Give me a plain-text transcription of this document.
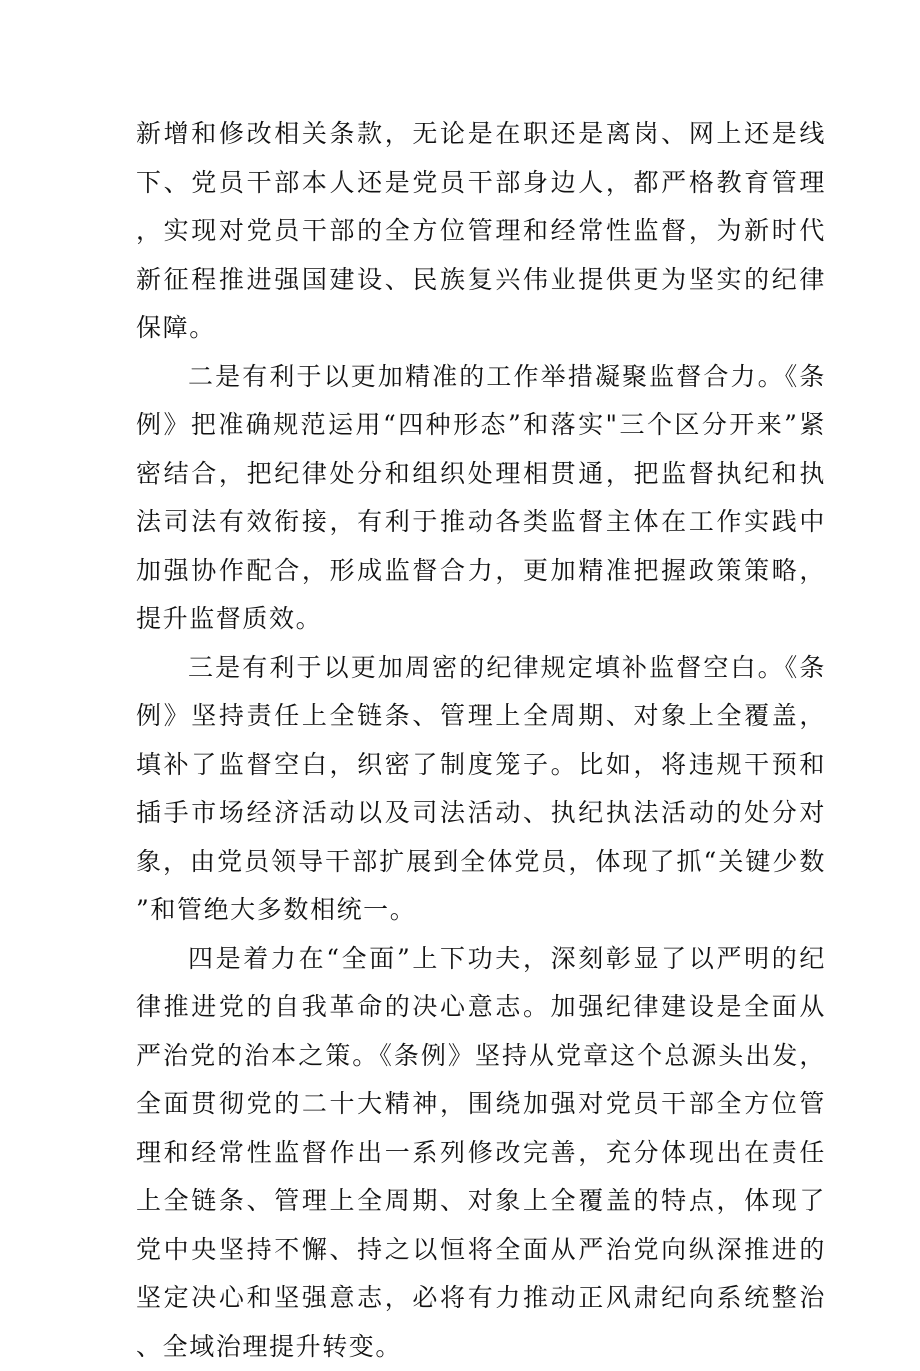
新增和修改相关条款，无论是在职还是离岗、网上还是线下、党员干部本人还是党员干部身边人，都严格教育管理，实现对党员干部的全方位管理和经常性监督，为新时代新征程推进强国建设、民族复兴伟业提供更为坚实的纪律保障。

二是有利于以更加精准的工作举措凝聚监督合力。《条例》把准确规范运用“四种形态”和落实"三个区分开来”紧密结合，把纪律处分和组织处理相贯通，把监督执纪和执法司法有效衔接，有利于推动各类监督主体在工作实践中加强协作配合，形成监督合力，更加精准把握政策策略，提升监督质效。

三是有利于以更加周密的纪律规定填补监督空白。《条例》坚持责任上全链条、管理上全周期、对象上全覆盖，填补了监督空白，织密了制度笼子。比如，将违规干预和插手市场经济活动以及司法活动、执纪执法活动的处分对象，由党员领导干部扩展到全体党员，体现了抓“关键少数”和管绝大多数相统一。

四是着力在“全面”上下功夫，深刻彰显了以严明的纪律推进党的自我革命的决心意志。加强纪律建设是全面从严治党的治本之策。《条例》坚持从党章这个总源头出发，全面贯彻党的二十大精神，围绕加强对党员干部全方位管理和经常性监督作出一系列修改完善，充分体现出在责任上全链条、管理上全周期、对象上全覆盖的特点，体现了党中央坚持不懈、持之以恒将全面从严治党向纵深推进的坚定决心和坚强意志，必将有力推动正风肃纪向系统整治、全域治理提升转变。
